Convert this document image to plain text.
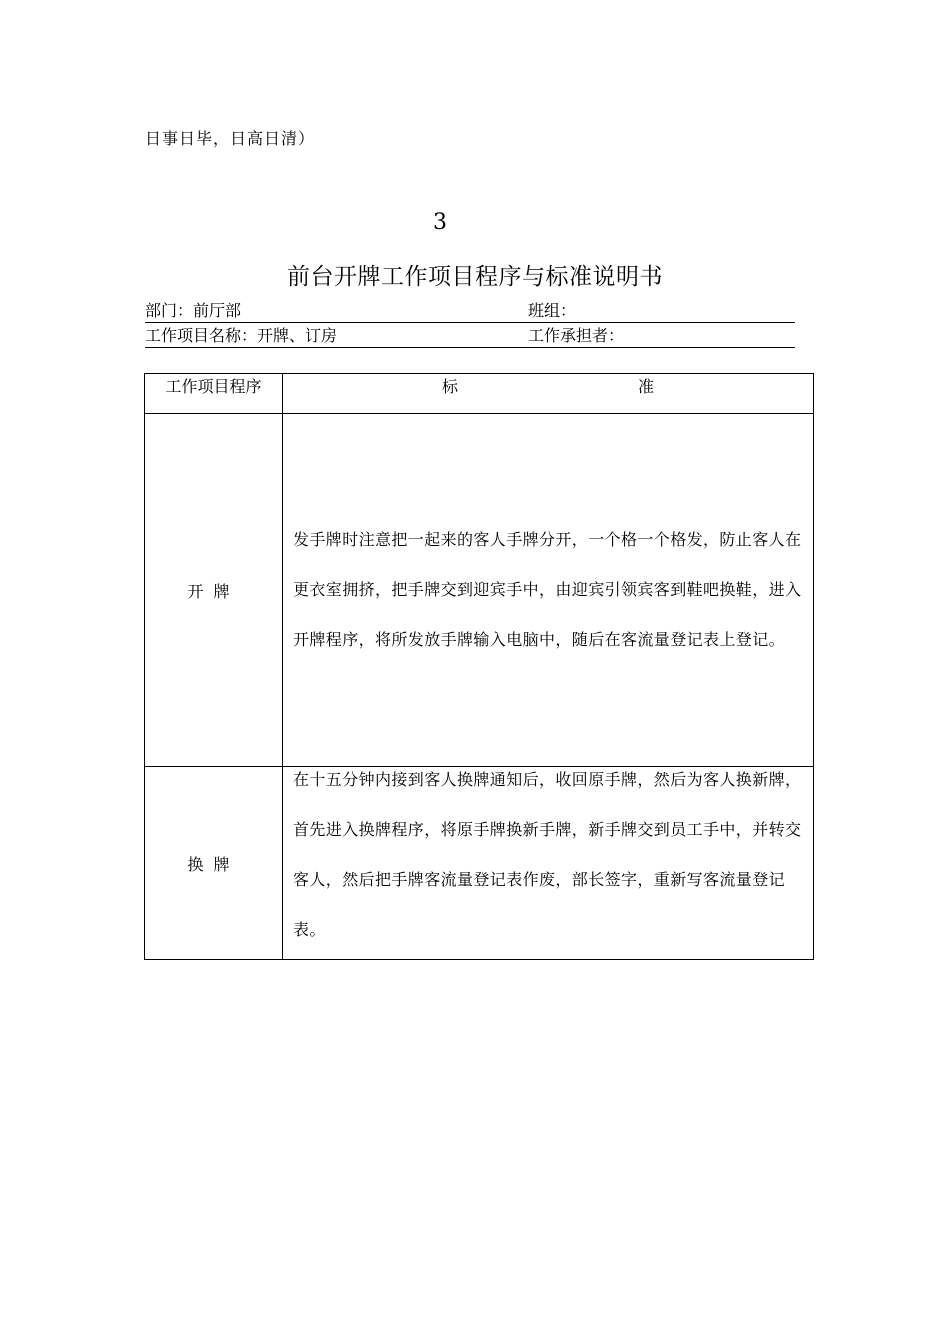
日事日毕，日高日清）
3
前台开牌工作项目程序与标准说明书
部门：前厅部	班组：
工作项目名称：开牌、订房	工作承担者：
工作项目程序	标 准
开牌	发手牌时注意把一起来的客人手牌分开，一个格一个格发，防止客人在更衣室拥挤，把手牌交到迎宾手中，由迎宾引领宾客到鞋吧换鞋，进入开牌程序，将所发放手牌输入电脑中，随后在客流量登记表上登记。

换牌	在十五分钟内接到客人换牌通知后，收回原手牌，然后为客人换新牌，首先进入换牌程序，将原手牌换新手牌，新手牌交到员工手中，并转交客人，然后把手牌客流量登记表作废，部长签字，重新写客流量登记表。
